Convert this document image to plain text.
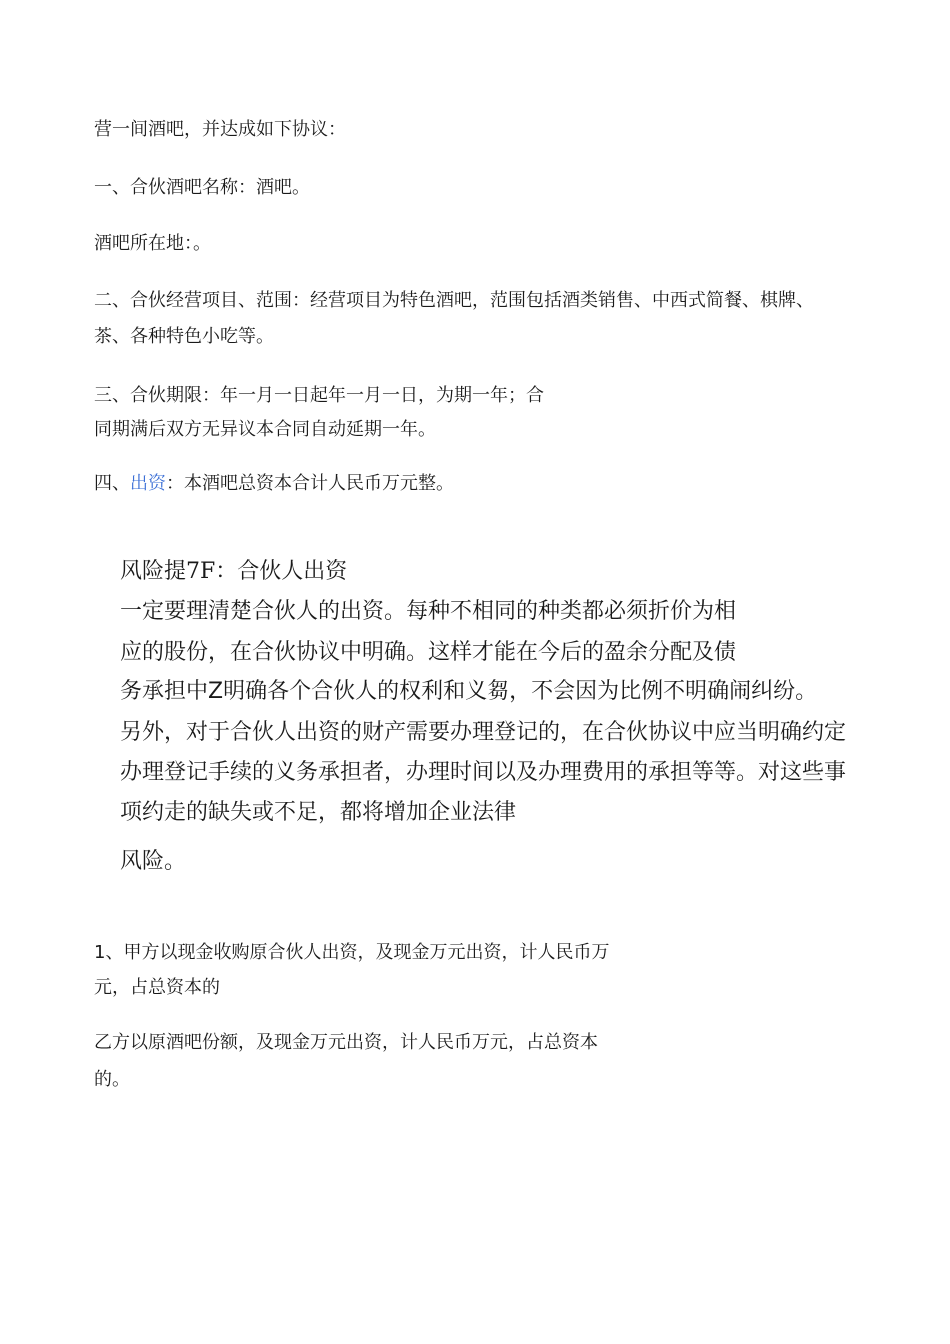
营一间酒吧，并达成如下协议：
一、合伙酒吧名称：酒吧。
酒吧所在地：。
二、合伙经营项目、范围：经营项目为特色酒吧，范围包括酒类销售、中西式简餐、棋牌、
茶、各种特色小吃等。
三、合伙期限：年一月一日起年一月一日，为期一年；合
同期满后双方无异议本合同自动延期一年。
四、出资：本酒吧总资本合计人民币万元整。
风险提7F：合伙人出资
一定要理清楚合伙人的出资。每种不相同的种类都必须折价为相
应的股份，在合伙协议中明确。这样才能在今后的盈余分配及债
务承担中Z明确各个合伙人的权利和义芻，不会因为比例不明确闹纠纷。
另外，对于合伙人出资的财产需要办理登记的，在合伙协议中应当明确约定
办理登记手续的义务承担者，办理时间以及办理费用的承担等等。对这些事
项约走的缺失或不足，都将增加企业法律
风险。
1、甲方以现金收购原合伙人出资，及现金万元出资，计人民币万
元，占总资本的
乙方以原酒吧份额，及现金万元出资，计人民币万元，占总资本
的。
